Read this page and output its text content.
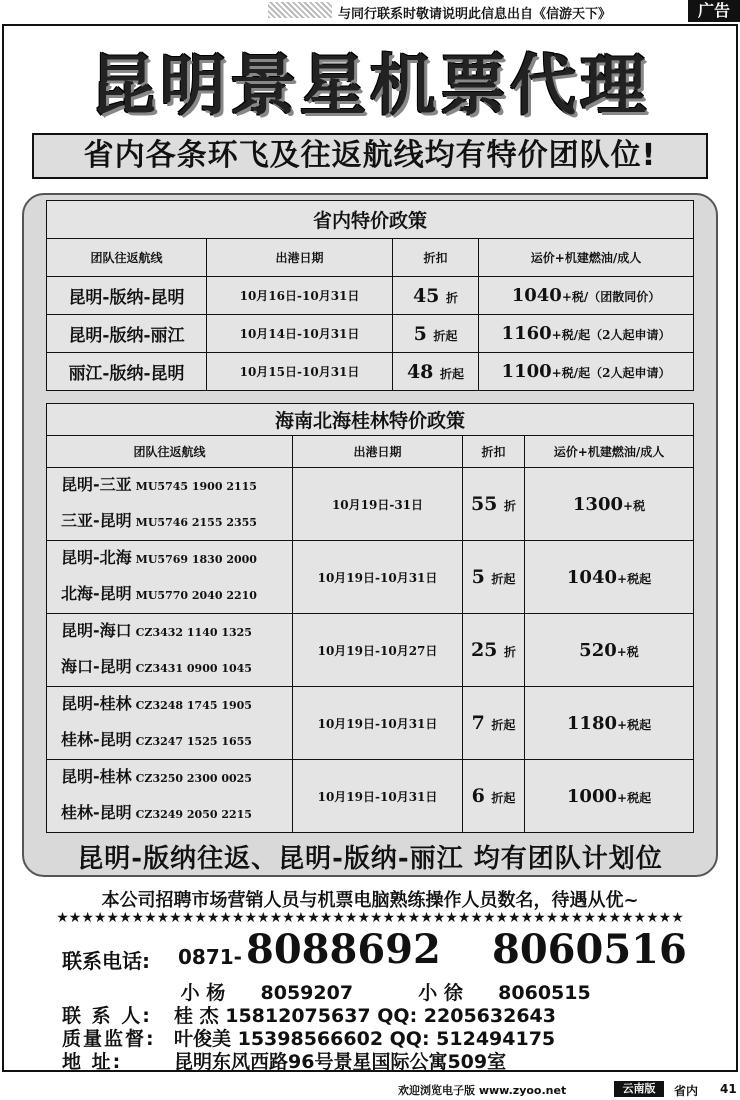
与同行联系时敬请说明此信息出自《信游天下》	广告
昆明景星机票代理
省内各条环飞及往返航线均有特价团队位!
省内特价政策			
团队往返航线	出港日期	折扣	运价+机建燃油/成人
昆明-版纳-昆明	10月16日-10月31日	45 折	1040+税/（团散同价）
昆明-版纳-丽江	10月14日-10月31日	5 折起	1160+税/起（2人起申请）
丽江-版纳-昆明	10月15日-10月31日	48 折起	1100+税/起（2人起申请）
海南北海桂林特价政策			
团队往返航线	出港日期	折扣	运价+机建燃油/成人

昆明-三亚 MU5745 1900 2115
三亚-昆明 MU5746 2155 2355	10月19日-31日	55 折	1300+税

昆明-北海 MU5769 1830 2000
北海-昆明 MU5770 2040 2210	10月19日-10月31日	5 折起	1040+税起

昆明-海口 CZ3432 1140 1325
海口-昆明 CZ3431 0900 1045	10月19日-10月27日	25 折	520+税

昆明-桂林 CZ3248 1745 1905
桂林-昆明 CZ3247 1525 1655	10月19日-10月31日	7 折起	1180+税起

昆明-桂林 CZ3250 2300 0025
桂林-昆明 CZ3249 2050 2215	10月19日-10月31日	6 折起	1000+税起
昆明-版纳往返、昆明-版纳-丽江 均有团队计划位
本公司招聘市场营销人员与机票电脑熟练操作人员数名，待遇从优~
★★★★★★★★★★★★★★★★★★★★★★★★★★★★★★★★★★★★★★★★★★★★★★★★★★
联系电话: 0871- 8088692 8060516
小 杨 8059207	小 徐 8060515
联 系 人: 桂 杰 15812075637 QQ: 2205632643
质量监督: 叶俊美 15398566602 QQ: 512494175
地 址:	昆明东风西路96号景星国际公寓509室
欢迎浏览电子版 www.zyoo.net	云南版	省内 41
